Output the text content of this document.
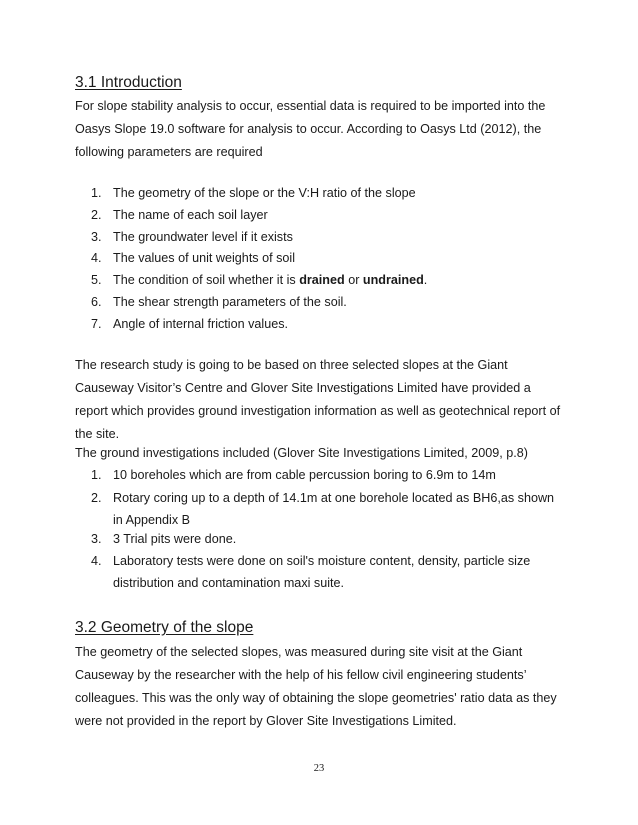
3.1 Introduction
For slope stability analysis to occur, essential data is required to be imported into the
Oasys Slope 19.0 software for analysis to occur. According to Oasys Ltd (2012), the
following parameters are required
1. The geometry of the slope or the V:H ratio of the slope
2. The name of each soil layer
3. The groundwater level if it exists
4. The values of unit weights of soil
5. The condition of soil whether it is drained or undrained.
6. The shear strength parameters of the soil.
7. Angle of internal friction values.
The research study is going to be based on three selected slopes at the Giant
Causeway Visitor’s Centre and Glover Site Investigations Limited have provided a
report which provides ground investigation information as well as geotechnical report of
the site.
The ground investigations included (Glover Site Investigations Limited, 2009, p.8)
1. 10 boreholes which are from cable percussion boring to 6.9m to 14m
2. Rotary coring up to a depth of 14.1m at one borehole located as BH6,as shown
in Appendix B
3. 3 Trial pits were done.
4. Laboratory tests were done on soil's moisture content, density, particle size
distribution and contamination maxi suite.
3.2 Geometry of the slope
The geometry of the selected slopes, was measured during site visit at the Giant
Causeway by the researcher with the help of his fellow civil engineering students’
colleagues. This was the only way of obtaining the slope geometries' ratio data as they
were not provided in the report by Glover Site Investigations Limited.
23
